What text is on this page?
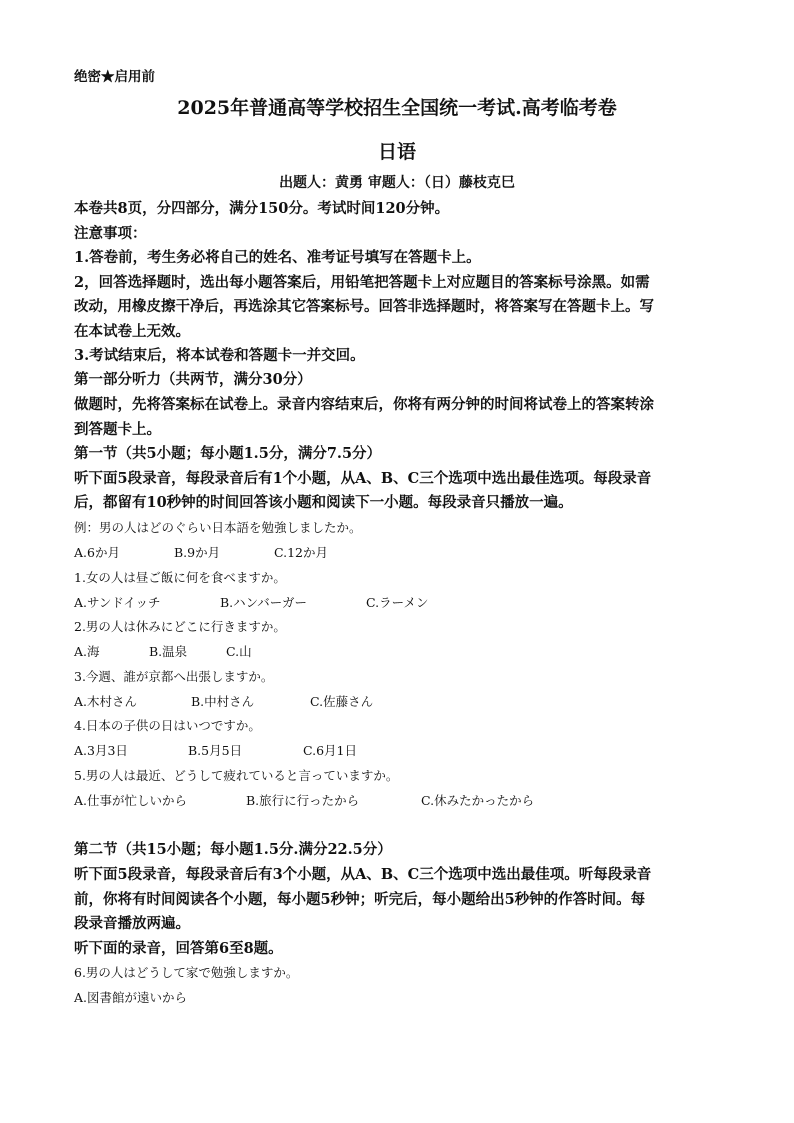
绝密★启用前
2025年普通高等学校招生全国统一考试.高考临考卷
日语
出题人：黄勇 审题人：（日）藤枝克巳
本卷共8页，分四部分，满分150分。考试时间120分钟。
注意事项：
1.答卷前，考生务必将自己的姓名、准考证号填写在答题卡上。
2，回答选择题时，选出每小题答案后，用铅笔把答题卡上对应题目的答案标号涂黑。如需
改动，用橡皮擦干净后，再选涂其它答案标号。回答非选择题时，将答案写在答题卡上。写
在本试卷上无效。
3.考试结束后，将本试卷和答题卡一并交回。
第一部分听力（共两节，满分30分）
做题时，先将答案标在试卷上。录音内容结束后，你将有两分钟的时间将试卷上的答案转涂
到答题卡上。
第一节（共5小题；每小题1.5分，满分7.5分）
听下面5段录音，每段录音后有1个小题，从A、B、C三个选项中选出最佳选项。每段录音
后，都留有10秒钟的时间回答该小题和阅读下一小题。每段录音只播放一遍。
例：男の人はどのぐらい日本語を勉強しましたか。
A.6か月	B.9か月	C.12か月
1.女の人は昼ご飯に何を食べますか。
A.サンドイッチ	B.ハンバーガー	C.ラーメン
2.男の人は休みにどこに行きますか。
A.海	B.温泉	C.山
3.今週、誰が京都へ出張しますか。
A.木村さん	B.中村さん	C.佐藤さん
4.日本の子供の日はいつですか。
A.3月3日	B.5月5日	C.6月1日
5.男の人は最近、どうして疲れていると言っていますか。
A.仕事が忙しいから	B.旅行に行ったから	C.休みたかったから
第二节（共15小题；每小题1.5分.满分22.5分）
听下面5段录音，每段录音后有3个小题，从A、B、C三个选项中选出最佳项。听每段录音
前，你将有时间阅读各个小题，每小题5秒钟；听完后，每小题给出5秒钟的作答时间。每
段录音播放两遍。
听下面的录音，回答第6至8题。
6.男の人はどうして家で勉強しますか。
A.図書館が遠いから
